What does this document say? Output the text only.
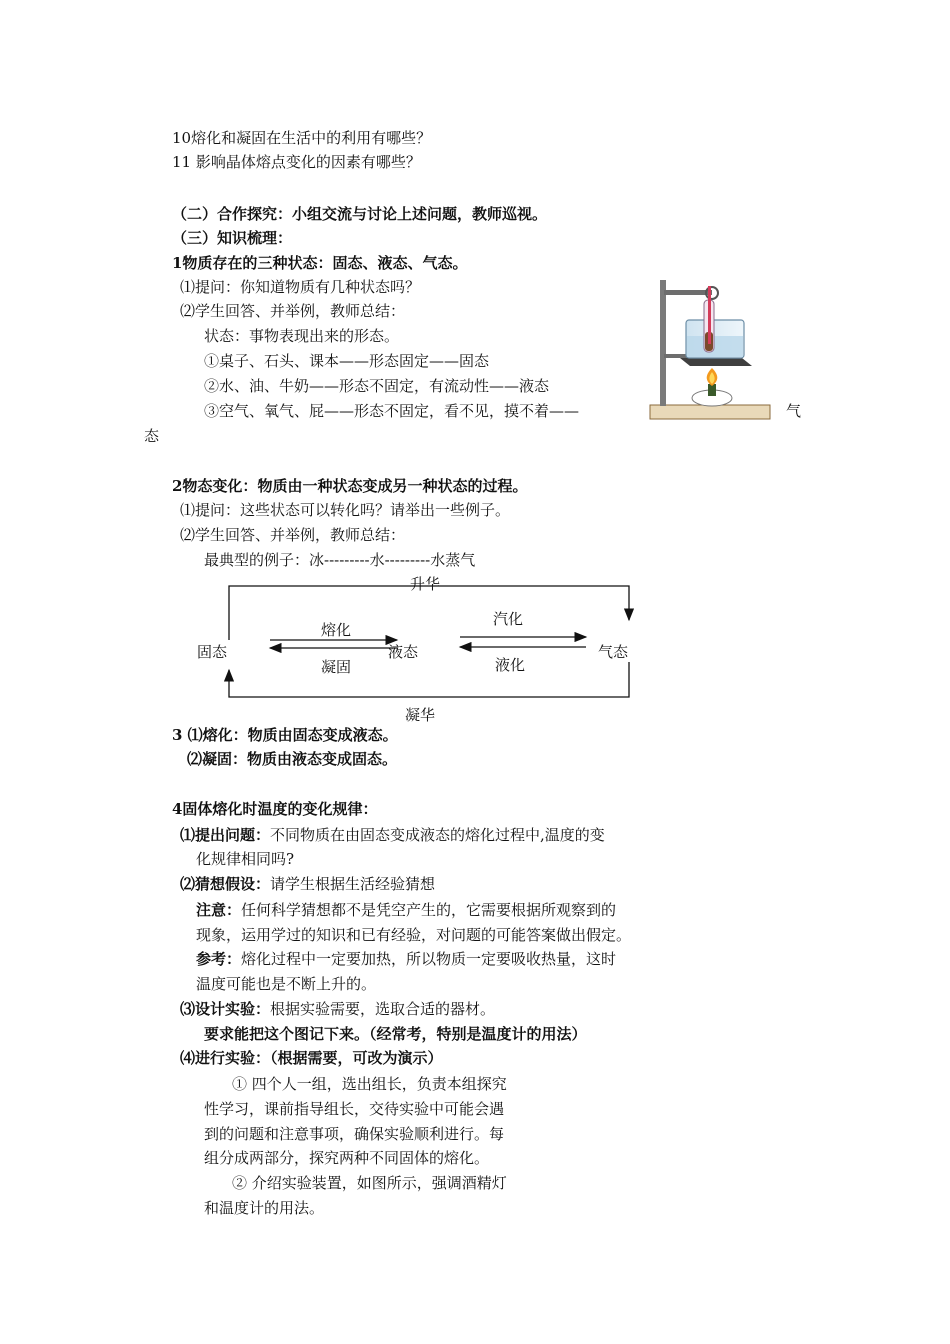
10熔化和凝固在生活中的利用有哪些？
11 影响晶体熔点变化的因素有哪些？
（二）合作探究：小组交流与讨论上述问题，教师巡视。
（三）知识梳理：
1物质存在的三种状态：固态、液态、气态。
⑴提问：你知道物质有几种状态吗？
⑵学生回答、并举例，教师总结：
状态：事物表现出来的形态。
①桌子、石头、课本——形态固定——固态
②水、油、牛奶——形态不固定，有流动性——液态
③空气、氧气、屁——形态不固定，看不见，摸不着——	气
态
2物态变化：物质由一种状态变成另一种状态的过程。
⑴提问：这些状态可以转化吗？请举出一些例子。
⑵学生回答、并举例，教师总结：
最典型的例子：冰---------水---------水蒸气
升华
固态	液态	气态
熔化
凝固
汽化
液化
凝华
3 ⑴熔化：物质由固态变成液态。
⑵凝固：物质由液态变成固态。
4固体熔化时温度的变化规律：
⑴提出问题：不同物质在由固态变成液态的熔化过程中,温度的变
化规律相同吗?
⑵猜想假设：请学生根据生活经验猜想
注意：任何科学猜想都不是凭空产生的，它需要根据所观察到的
现象，运用学过的知识和已有经验，对问题的可能答案做出假定。
参考：熔化过程中一定要加热，所以物质一定要吸收热量，这时
温度可能也是不断上升的。
⑶设计实验：根据实验需要，选取合适的器材。
要求能把这个图记下来。（经常考，特别是温度计的用法）
⑷进行实验：（根据需要，可改为演示）
① 四个人一组，选出组长，负责本组探究
性学习，课前指导组长，交待实验中可能会遇
到的问题和注意事项，确保实验顺利进行。每
组分成两部分，探究两种不同固体的熔化。
② 介绍实验装置，如图所示，强调酒精灯
和温度计的用法。
